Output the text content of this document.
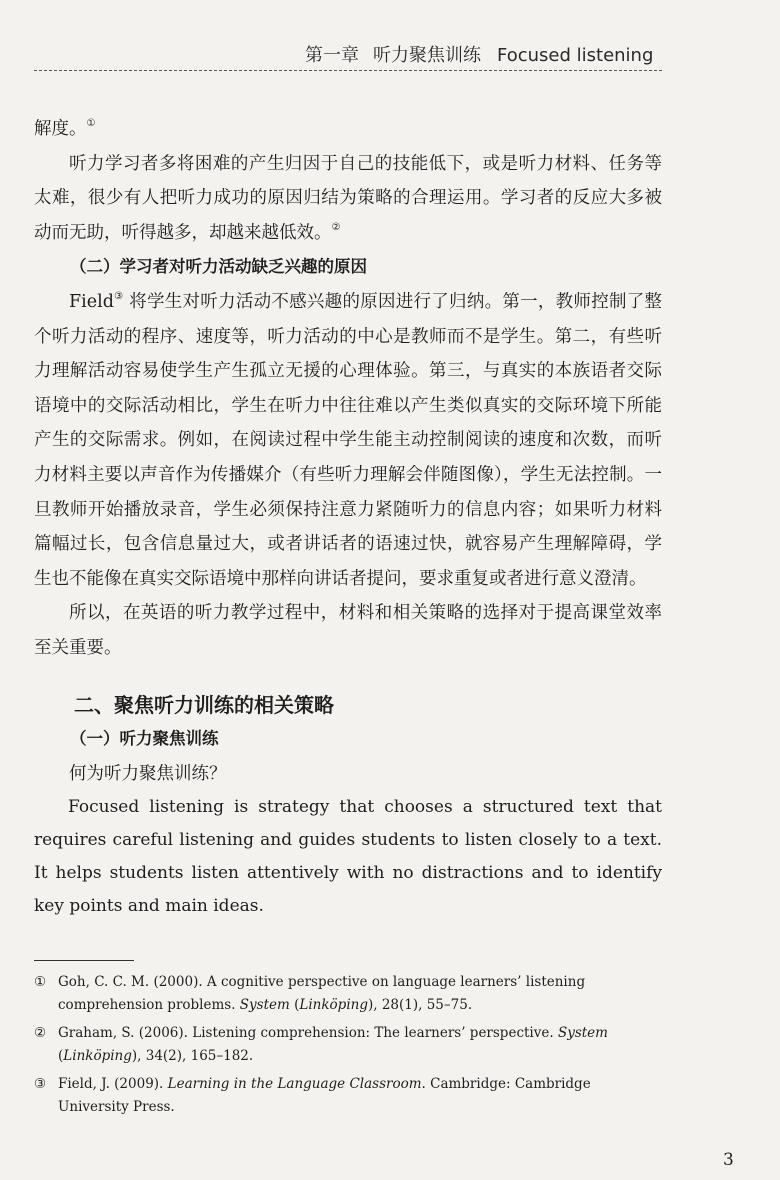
第一章 听力聚焦训练 Focused listening

解度。①

听力学习者多将困难的产生归因于自己的技能低下，或是听力材料、任务等太难，很少有人把听力成功的原因归结为策略的合理运用。学习者的反应大多被动而无助，听得越多，却越来越低效。②

（二）学习者对听力活动缺乏兴趣的原因

Field③ 将学生对听力活动不感兴趣的原因进行了归纳。第一，教师控制了整个听力活动的程序、速度等，听力活动的中心是教师而不是学生。第二，有些听力理解活动容易使学生产生孤立无援的心理体验。第三，与真实的本族语者交际语境中的交际活动相比，学生在听力中往往难以产生类似真实的交际环境下所能产生的交际需求。例如，在阅读过程中学生能主动控制阅读的速度和次数，而听力材料主要以声音作为传播媒介（有些听力理解会伴随图像），学生无法控制。一旦教师开始播放录音，学生必须保持注意力紧随听力的信息内容；如果听力材料篇幅过长，包含信息量过大，或者讲话者的语速过快，就容易产生理解障碍，学生也不能像在真实交际语境中那样向讲话者提问，要求重复或者进行意义澄清。

所以，在英语的听力教学过程中，材料和相关策略的选择对于提高课堂效率至关重要。

二、聚焦听力训练的相关策略

（一）听力聚焦训练

何为听力聚焦训练？

Focused listening is strategy that chooses a structured text that requires careful listening and guides students to listen closely to a text. It helps students listen attentively with no distractions and to identify key points and main ideas.

① Goh, C. C. M. (2000). A cognitive perspective on language learners’ listening comprehension problems. System (Linköping), 28(1), 55–75.
② Graham, S. (2006). Listening comprehension: The learners’ perspective. System (Linköping), 34(2), 165–182.
③ Field, J. (2009). Learning in the Language Classroom. Cambridge: Cambridge University Press.
3
